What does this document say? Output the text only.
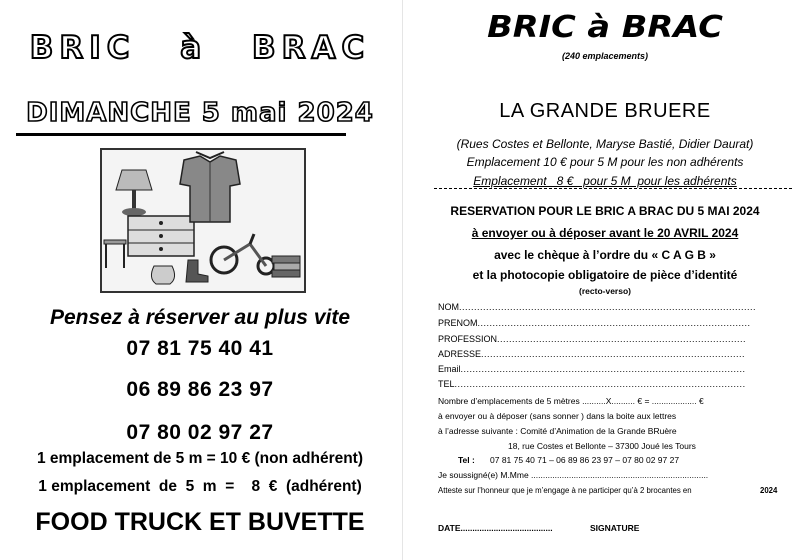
BRIC à BRAC
DIMANCHE 5 mai 2024
Pensez à réserver au plus vite
07 81 75 40 41
06 89 86 23 97
07 80 02 97 27
1 emplacement de 5 m = 10 € (non adhérent)
1 emplacement  de  5  m  =    8  €  (adhérent)
FOOD TRUCK ET BUVETTE
BRIC à BRAC
(240 emplacements)
LA GRANDE BRUERE
(Rues Costes et Bellonte, Maryse Bastié, Didier Daurat)
Emplacement 10 € pour 5 M pour les non adhérents
Emplacement   8 €   pour 5 M  pour les adhérents
RESERVATION POUR LE BRIC A BRAC DU 5 MAI 2024
à envoyer ou à déposer avant le 20 AVRIL 2024
avec le chèque à l’ordre du « C A G B »
et la photocopie obligatoire de pièce d’identité
(recto-verso)
NOM...................................................................................................
PRENOM...........................................................................................
PROFESSION...................................................................................
ADRESSE........................................................................................
Email...............................................................................................
TEL.................................................................................................
Nombre d’emplacements de 5 mètres ..........X.......... € = ................... €
à envoyer ou à déposer (sans sonner ) dans la boite aux lettres
à l’adresse suivante : Comité d’Animation de la Grande BRuère
18, rue Costes et Bellonte – 37300 Joué les Tours
Tel :	07 81 75 40 71 – 06 89 86 23 97 – 07 80 02 97 27
Je soussigné(e) M.Mme ...........................................................................
Atteste sur l’honneur que je m’engage à ne participer qu’à 2 brocantes en	2024
DATE.......................................	SIGNATURE
